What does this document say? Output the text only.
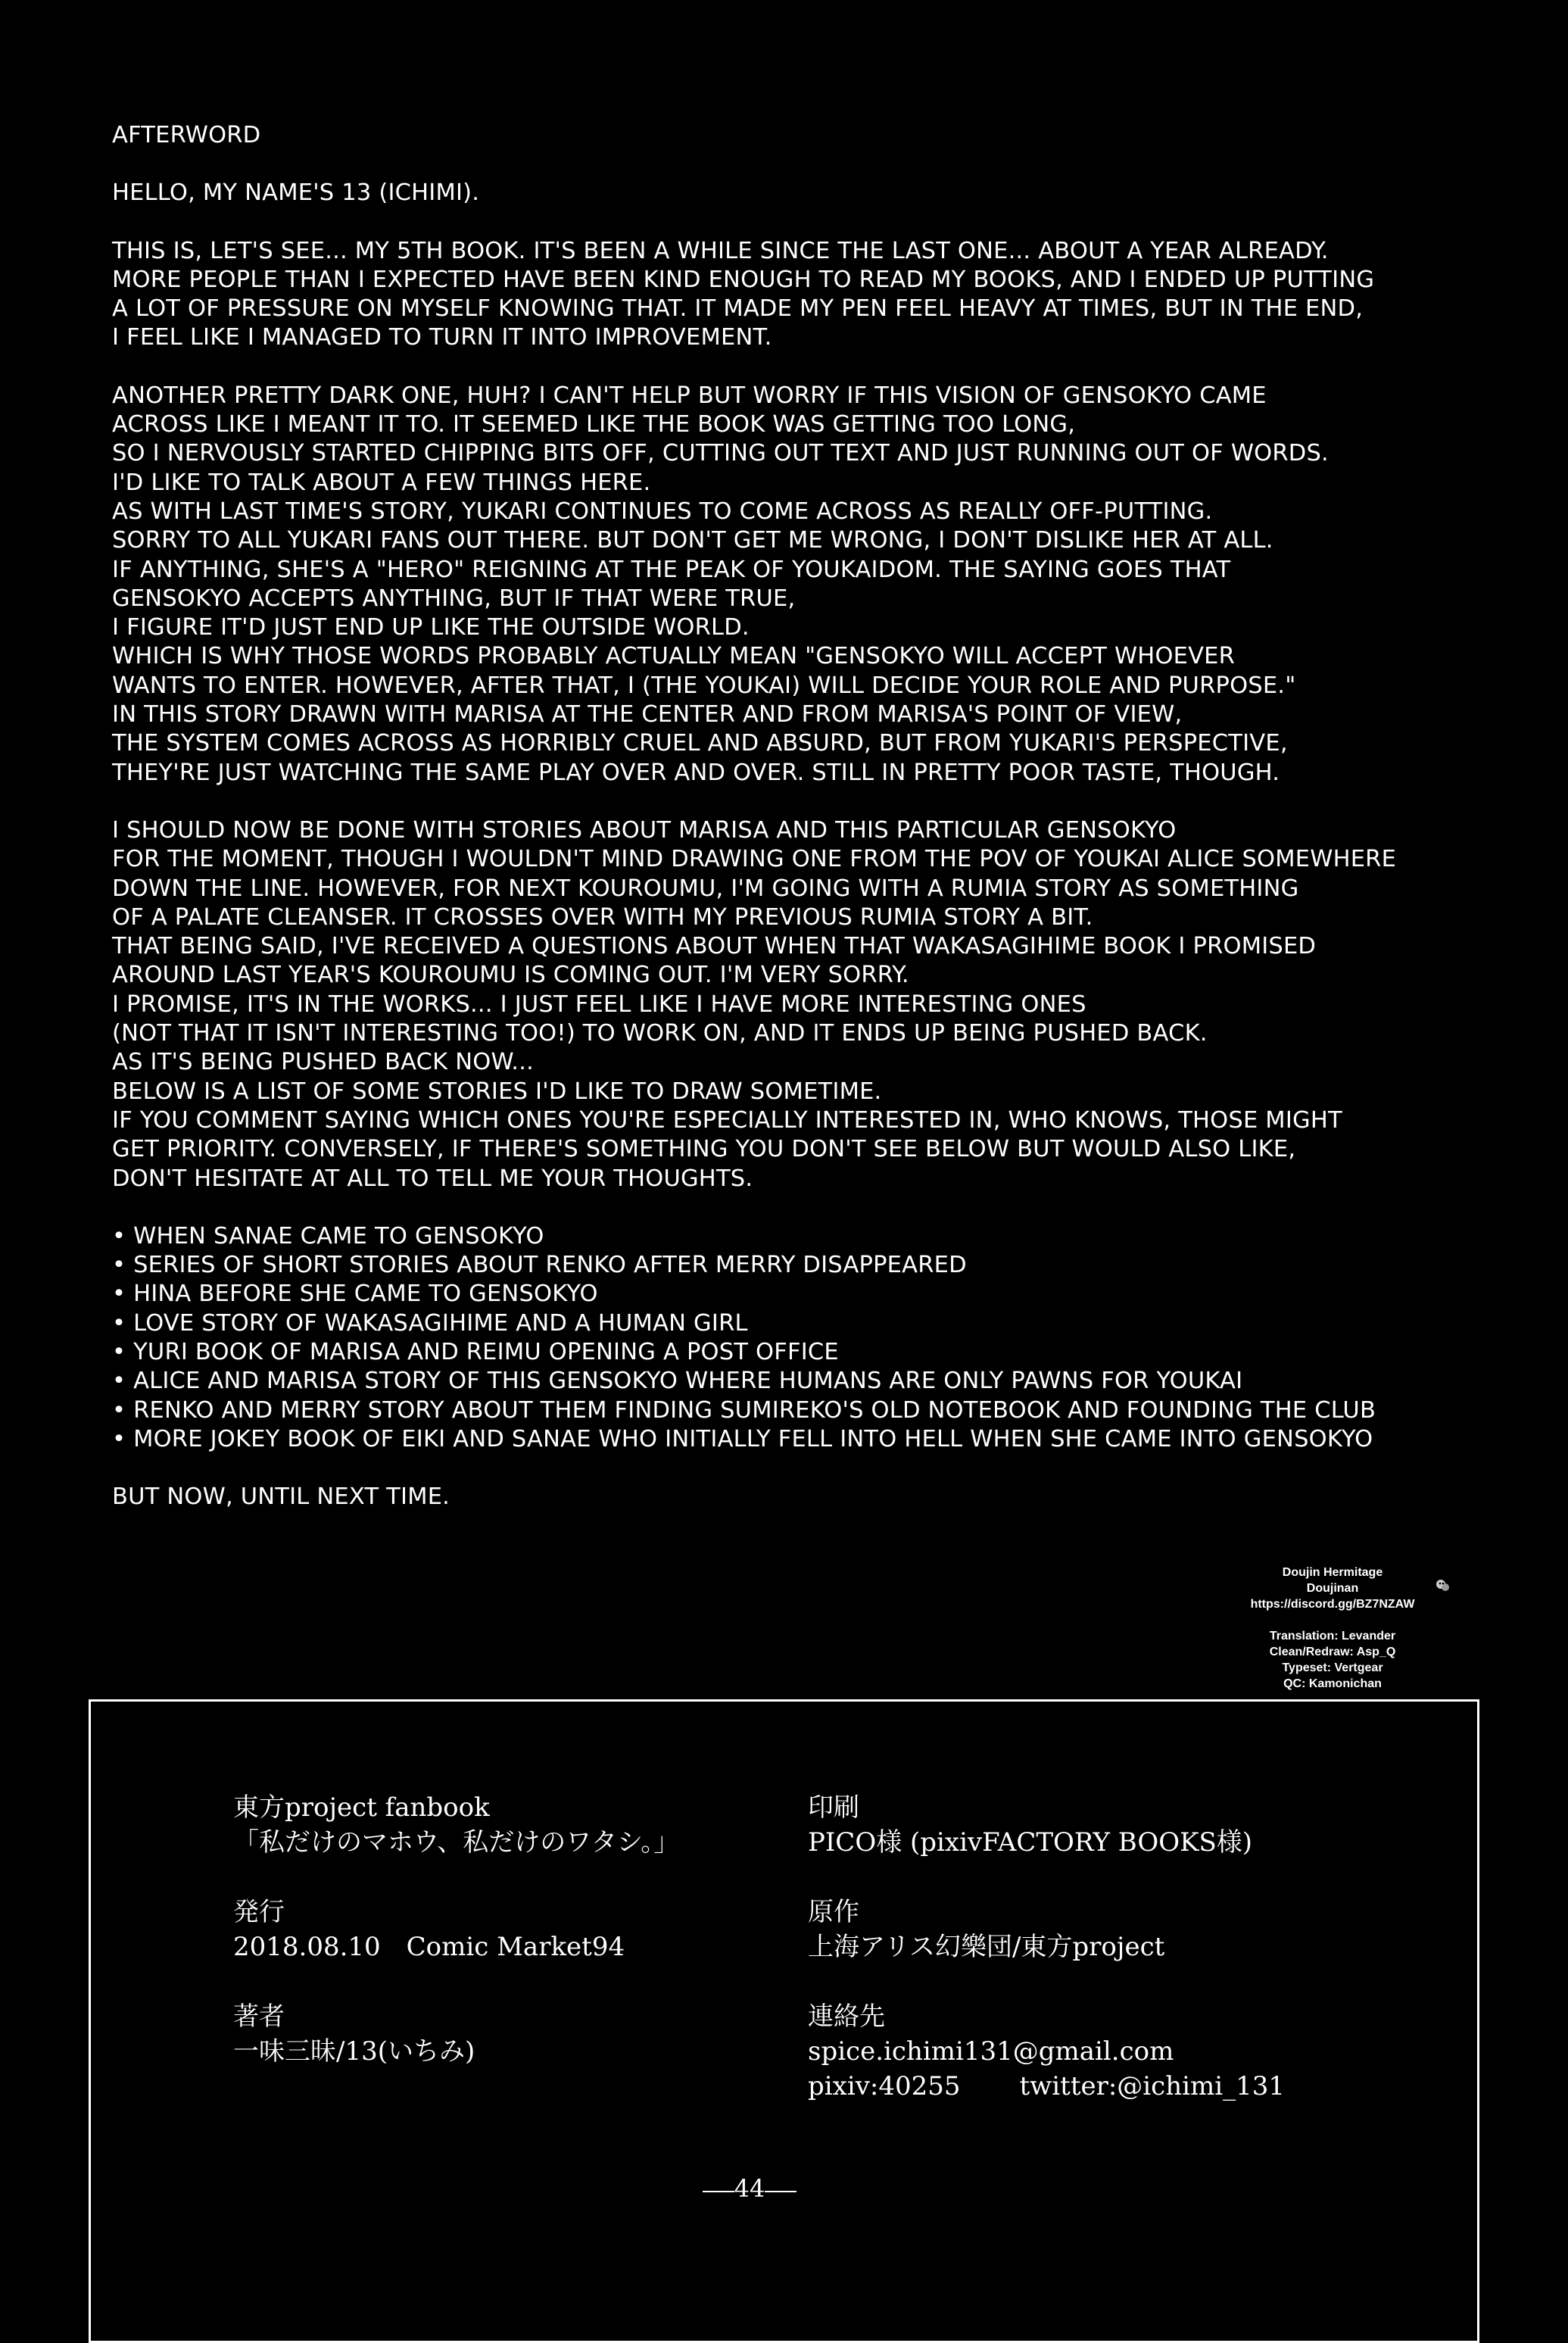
AFTERWORD
HELLO, MY NAME'S 13 (ICHIMI).
THIS IS, LET'S SEE... MY 5TH BOOK. IT'S BEEN A WHILE SINCE THE LAST ONE... ABOUT A YEAR ALREADY.
MORE PEOPLE THAN I EXPECTED HAVE BEEN KIND ENOUGH TO READ MY BOOKS, AND I ENDED UP PUTTING
A LOT OF PRESSURE ON MYSELF KNOWING THAT. IT MADE MY PEN FEEL HEAVY AT TIMES, BUT IN THE END,
I FEEL LIKE I MANAGED TO TURN IT INTO IMPROVEMENT.
ANOTHER PRETTY DARK ONE, HUH? I CAN'T HELP BUT WORRY IF THIS VISION OF GENSOKYO CAME
ACROSS LIKE I MEANT IT TO. IT SEEMED LIKE THE BOOK WAS GETTING TOO LONG,
SO I NERVOUSLY STARTED CHIPPING BITS OFF, CUTTING OUT TEXT AND JUST RUNNING OUT OF WORDS.
I'D LIKE TO TALK ABOUT A FEW THINGS HERE.
AS WITH LAST TIME'S STORY, YUKARI CONTINUES TO COME ACROSS AS REALLY OFF-PUTTING.
SORRY TO ALL YUKARI FANS OUT THERE. BUT DON'T GET ME WRONG, I DON'T DISLIKE HER AT ALL.
IF ANYTHING, SHE'S A "HERO" REIGNING AT THE PEAK OF YOUKAIDOM. THE SAYING GOES THAT
GENSOKYO ACCEPTS ANYTHING, BUT IF THAT WERE TRUE,
I FIGURE IT'D JUST END UP LIKE THE OUTSIDE WORLD.
WHICH IS WHY THOSE WORDS PROBABLY ACTUALLY MEAN "GENSOKYO WILL ACCEPT WHOEVER
WANTS TO ENTER. HOWEVER, AFTER THAT, I (THE YOUKAI) WILL DECIDE YOUR ROLE AND PURPOSE."
IN THIS STORY DRAWN WITH MARISA AT THE CENTER AND FROM MARISA'S POINT OF VIEW,
THE SYSTEM COMES ACROSS AS HORRIBLY CRUEL AND ABSURD, BUT FROM YUKARI'S PERSPECTIVE,
THEY'RE JUST WATCHING THE SAME PLAY OVER AND OVER. STILL IN PRETTY POOR TASTE, THOUGH.
I SHOULD NOW BE DONE WITH STORIES ABOUT MARISA AND THIS PARTICULAR GENSOKYO
FOR THE MOMENT, THOUGH I WOULDN'T MIND DRAWING ONE FROM THE POV OF YOUKAI ALICE SOMEWHERE
DOWN THE LINE. HOWEVER, FOR NEXT KOUROUMU, I'M GOING WITH A RUMIA STORY AS SOMETHING
OF A PALATE CLEANSER. IT CROSSES OVER WITH MY PREVIOUS RUMIA STORY A BIT.
THAT BEING SAID, I'VE RECEIVED A QUESTIONS ABOUT WHEN THAT WAKASAGIHIME BOOK I PROMISED
AROUND LAST YEAR'S KOUROUMU IS COMING OUT. I'M VERY SORRY.
I PROMISE, IT'S IN THE WORKS... I JUST FEEL LIKE I HAVE MORE INTERESTING ONES
(NOT THAT IT ISN'T INTERESTING TOO!) TO WORK ON, AND IT ENDS UP BEING PUSHED BACK.
AS IT'S BEING PUSHED BACK NOW...
BELOW IS A LIST OF SOME STORIES I'D LIKE TO DRAW SOMETIME.
IF YOU COMMENT SAYING WHICH ONES YOU'RE ESPECIALLY INTERESTED IN, WHO KNOWS, THOSE MIGHT
GET PRIORITY. CONVERSELY, IF THERE'S SOMETHING YOU DON'T SEE BELOW BUT WOULD ALSO LIKE,
DON'T HESITATE AT ALL TO TELL ME YOUR THOUGHTS.
• WHEN SANAE CAME TO GENSOKYO
• SERIES OF SHORT STORIES ABOUT RENKO AFTER MERRY DISAPPEARED
• HINA BEFORE SHE CAME TO GENSOKYO
• LOVE STORY OF WAKASAGIHIME AND A HUMAN GIRL
• YURI BOOK OF MARISA AND REIMU OPENING A POST OFFICE
• ALICE AND MARISA STORY OF THIS GENSOKYO WHERE HUMANS ARE ONLY PAWNS FOR YOUKAI
• RENKO AND MERRY STORY ABOUT THEM FINDING SUMIREKO'S OLD NOTEBOOK AND FOUNDING THE CLUB
• MORE JOKEY BOOK OF EIKI AND SANAE WHO INITIALLY FELL INTO HELL WHEN SHE CAME INTO GENSOKYO
BUT NOW, UNTIL NEXT TIME.
Doujin Hermitage
Doujinan
https://discord.gg/BZ7NZAW
Translation: Levander
Clean/Redraw: Asp_Q
Typeset: Vertgear
QC: Kamonichan
東方project fanbook
「私だけのマホウ、私だけのワタシ。」
発行
2018.08.10　Comic Market94
著者
一味三昧/13(いちみ)
印刷
PICO様 (pixivFACTORY BOOKS様)
原作
上海アリス幻樂団/東方project
連絡先
spice.ichimi131@gmail.com
pixiv:40255 twitter:@ichimi_131
44
